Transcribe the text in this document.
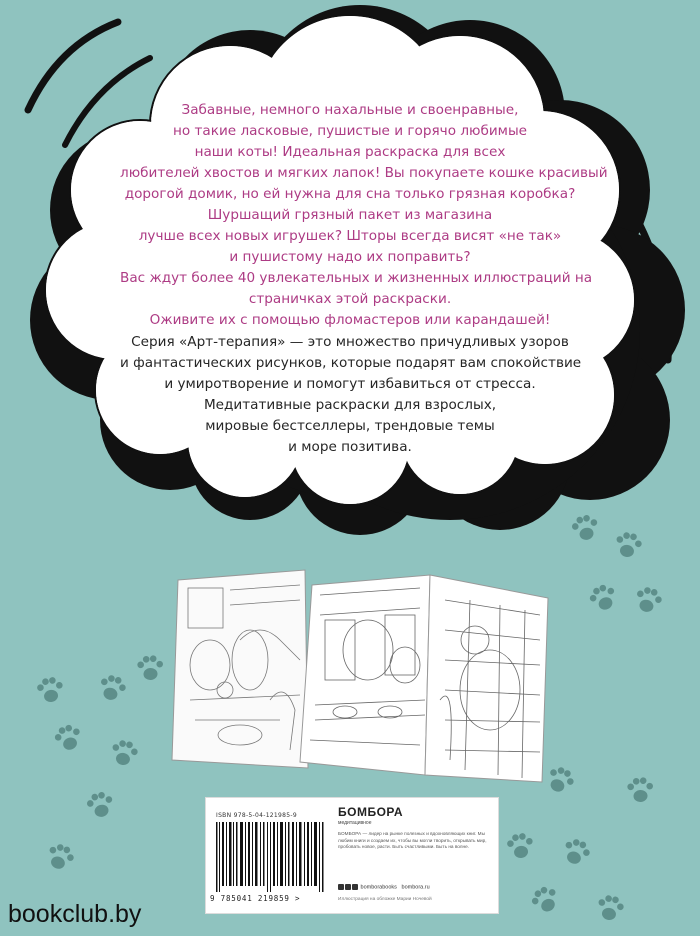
Забавные, немного нахальные и своенравные,
но такие ласковые, пушистые и горячо любимые
наши коты! Идеальная раскраска для всех
любителей хвостов и мягких лапок! Вы покупаете кошке красивый
дорогой домик, но ей нужна для сна только грязная коробка?
Шуршащий грязный пакет из магазина
лучше всех новых игрушек? Шторы всегда висят «не так»
и пушистому надо их поправить?
Вас ждут более 40 увлекательных и жизненных иллюстраций на
страничках этой раскраски.
Оживите их с помощью фломастеров или карандашей!
Серия «Арт-терапия» — это множество причудливых узоров
и фантастических рисунков, которые подарят вам спокойствие
и умиротворение и помогут избавиться от стресса.
Медитативные раскраски для взрослых,
мировые бестселлеры, трендовые темы
и море позитива.
ISBN 978-5-04-121985-9
9 785041 219859 >
БОМБОРА
медитацивное
БОМБОРА — лидер на рынке полезных и вдохновляющих книг. Мы любим книги и создаем их, чтобы вы могли творить, открывать мир, пробовать новое, расти. Быть счастливыми. Быть на волне.
bomborabooks bombora.ru
Иллюстрация на обложке Марии Ночевой
bookclub.by
